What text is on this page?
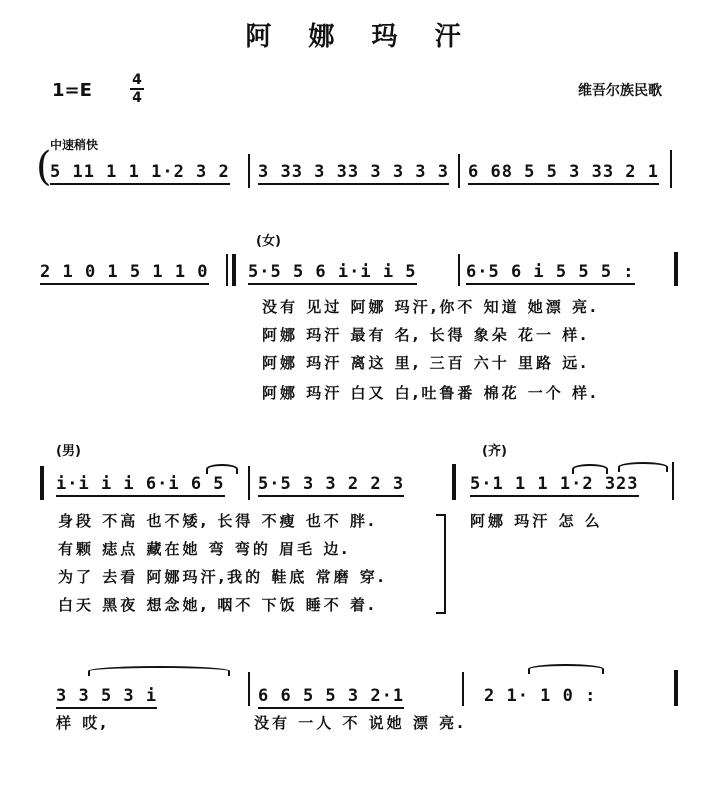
阿 娜 玛 汗
1=E	4
4	维吾尔族民歌
中速稍快
(
5 11 1 1 1·2 3 2 3 33 3 33 3 3 3 3 6 68 5 5 3 33 2 1
(女)
2 1 0 1 5 1 1 0 5·5 5 6 i·i i 5	6·5 6 i 5 5 5 :
没有 见过 阿娜 玛汗,你不 知道 她漂 亮.
阿娜 玛汗 最有 名, 长得 象朵 花一 样.
阿娜 玛汗 离这 里, 三百 六十 里路 远.
阿娜 玛汗 白又 白,吐鲁番 棉花 一个 样.
(男)	(齐)
i·i i i 6·i 6 5 5·5 3 3 2 2 3	5·1 1 1 1·2 323
身段 不高 也不矮, 长得 不瘦 也不 胖.
有颗 痣点 藏在她 弯 弯的 眉毛 边.
为了 去看 阿娜玛汗,我的 鞋底 常磨 穿.
白天 黑夜 想念她, 咽不 下饭 睡不 着.
阿娜 玛汗 怎 么
3 3 5 3 i	6 6 5 5 3 2·1	2 1· 1 0 :
样 哎,	没有 一人 不 说她 漂 亮.
